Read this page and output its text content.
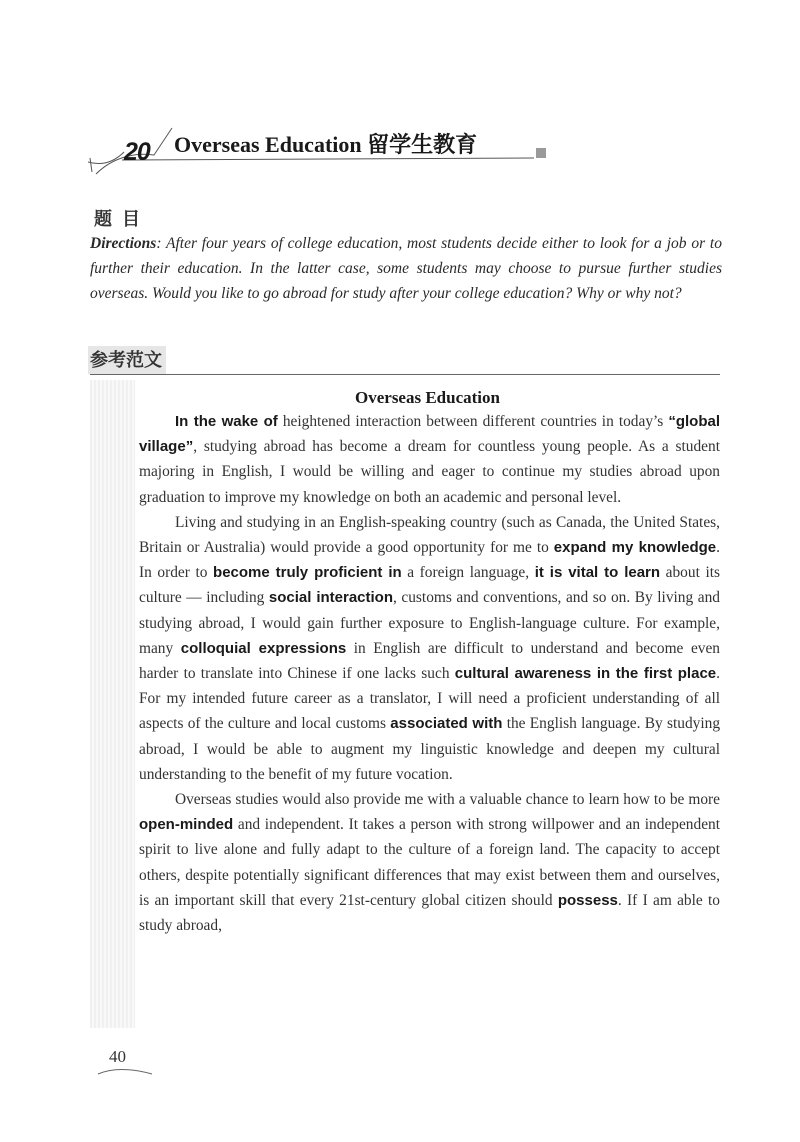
20 Overseas Education 留学生教育
题目
Directions: After four years of college education, most students decide either to look for a job or to further their education. In the latter case, some students may choose to pursue further studies overseas. Would you like to go abroad for study after your college education? Why or why not?
参考范文
Overseas Education

In the wake of heightened interaction between different countries in today’s “global village”, studying abroad has become a dream for countless young people. As a student majoring in English, I would be willing and eager to continue my studies abroad upon graduation to improve my knowledge on both an academic and personal level.

Living and studying in an English-speaking country (such as Canada, the United States, Britain or Australia) would provide a good opportunity for me to expand my knowledge. In order to become truly proficient in a foreign language, it is vital to learn about its culture — including social interaction, customs and conventions, and so on. By living and studying abroad, I would gain further exposure to English-language culture. For example, many colloquial expressions in English are difficult to understand and become even harder to translate into Chinese if one lacks such cultural awareness in the first place. For my intended future career as a translator, I will need a proficient understanding of all aspects of the culture and local customs associated with the English language. By studying abroad, I would be able to augment my linguistic knowledge and deepen my cultural understanding to the benefit of my future vocation.

Overseas studies would also provide me with a valuable chance to learn how to be more open-minded and independent. It takes a person with strong willpower and an independent spirit to live alone and fully adapt to the culture of a foreign land. The capacity to accept others, despite potentially significant differences that may exist between them and ourselves, is an important skill that every 21st-century global citizen should possess. If I am able to study abroad,

40
